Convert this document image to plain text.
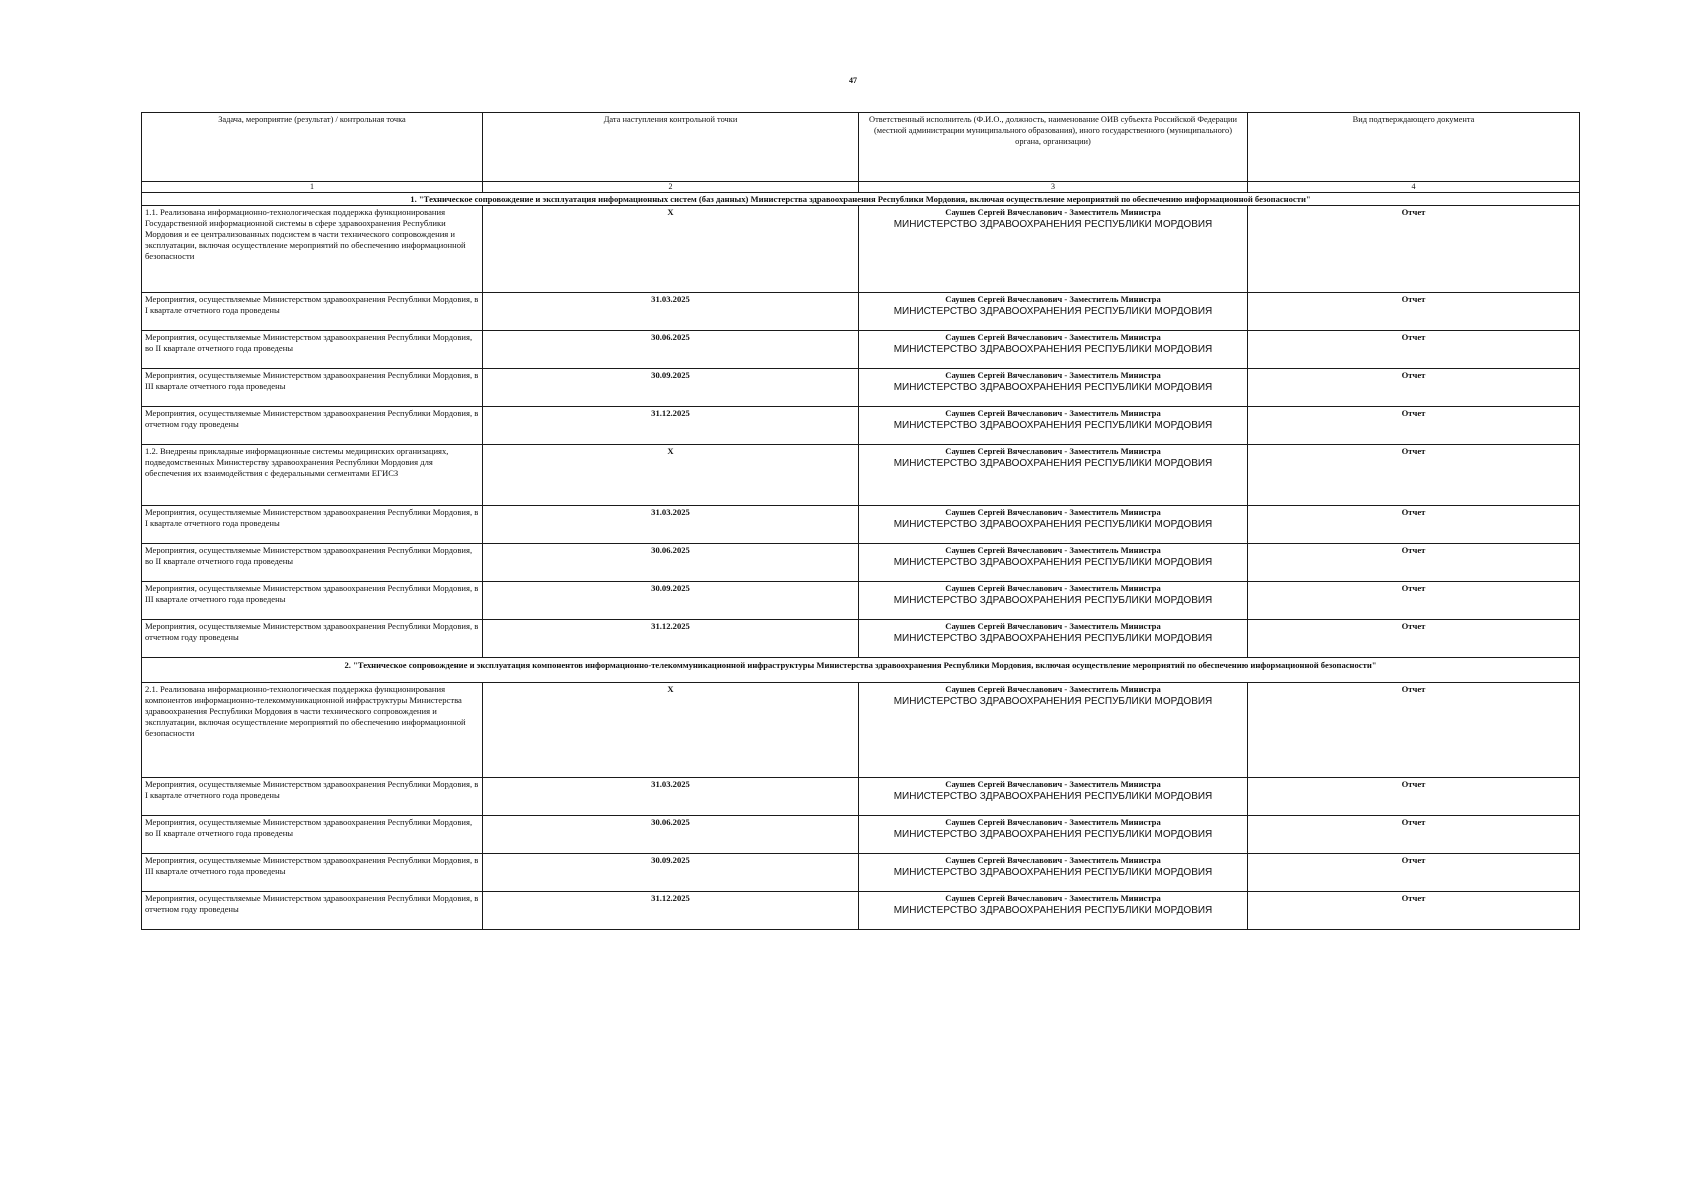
47
Задача, мероприятие (результат) / контрольная точка	Дата наступления контрольной точки	Ответственный исполнитель (Ф.И.О., должность, наименование ОИВ субъекта Российской Федерации (местной администрации муниципального образования), иного государственного (муниципального) органа, организации)	Вид подтверждающего документа
1	2	3	4
1. "Техническое сопровождение и эксплуатация информационных систем (баз данных) Министерства здравоохранения Республики Мордовия, включая осуществление мероприятий по обеспечению информационной безопасности"			
1.1. Реализована информационно-технологическая поддержка функционирования Государственной информационной системы в сфере здравоохранения Республики Мордовия и ее централизованных подсистем в части технического сопровождения и эксплуатации, включая осуществление мероприятий по обеспечению информационной безопасности	X	Саушев Сергей Вячеславович - Заместитель Министра
МИНИСТЕРСТВО ЗДРАВООХРАНЕНИЯ РЕСПУБЛИКИ МОРДОВИЯ	Отчет
Мероприятия, осуществляемые Министерством здравоохранения Республики Мордовия, в I квартале отчетного года проведены	31.03.2025	Саушев Сергей Вячеславович - Заместитель Министра
МИНИСТЕРСТВО ЗДРАВООХРАНЕНИЯ РЕСПУБЛИКИ МОРДОВИЯ	Отчет
Мероприятия, осуществляемые Министерством здравоохранения Республики Мордовия, во II квартале отчетного года проведены	30.06.2025	Саушев Сергей Вячеславович - Заместитель Министра
МИНИСТЕРСТВО ЗДРАВООХРАНЕНИЯ РЕСПУБЛИКИ МОРДОВИЯ	Отчет
Мероприятия, осуществляемые Министерством здравоохранения Республики Мордовия, в III квартале отчетного года проведены	30.09.2025	Саушев Сергей Вячеславович - Заместитель Министра
МИНИСТЕРСТВО ЗДРАВООХРАНЕНИЯ РЕСПУБЛИКИ МОРДОВИЯ	Отчет
Мероприятия, осуществляемые Министерством здравоохранения Республики Мордовия, в отчетном году проведены	31.12.2025	Саушев Сергей Вячеславович - Заместитель Министра
МИНИСТЕРСТВО ЗДРАВООХРАНЕНИЯ РЕСПУБЛИКИ МОРДОВИЯ	Отчет
1.2. Внедрены прикладные информационные системы медицинских организациях, подведомственных Министерству здравоохранения Республики Мордовия для обеспечения их взаимодействия с федеральными сегментами ЕГИСЗ	X	Саушев Сергей Вячеславович - Заместитель Министра
МИНИСТЕРСТВО ЗДРАВООХРАНЕНИЯ РЕСПУБЛИКИ МОРДОВИЯ	Отчет
Мероприятия, осуществляемые Министерством здравоохранения Республики Мордовия, в I квартале отчетного года проведены	31.03.2025	Саушев Сергей Вячеславович - Заместитель Министра
МИНИСТЕРСТВО ЗДРАВООХРАНЕНИЯ РЕСПУБЛИКИ МОРДОВИЯ	Отчет
Мероприятия, осуществляемые Министерством здравоохранения Республики Мордовия, во II квартале отчетного года проведены	30.06.2025	Саушев Сергей Вячеславович - Заместитель Министра
МИНИСТЕРСТВО ЗДРАВООХРАНЕНИЯ РЕСПУБЛИКИ МОРДОВИЯ	Отчет
Мероприятия, осуществляемые Министерством здравоохранения Республики Мордовия, в III квартале отчетного года проведены	30.09.2025	Саушев Сергей Вячеславович - Заместитель Министра
МИНИСТЕРСТВО ЗДРАВООХРАНЕНИЯ РЕСПУБЛИКИ МОРДОВИЯ	Отчет
Мероприятия, осуществляемые Министерством здравоохранения Республики Мордовия, в отчетном году проведены	31.12.2025	Саушев Сергей Вячеславович - Заместитель Министра
МИНИСТЕРСТВО ЗДРАВООХРАНЕНИЯ РЕСПУБЛИКИ МОРДОВИЯ	Отчет
2. "Техническое сопровождение и эксплуатация компонентов информационно-телекоммуникационной инфраструктуры Министерства здравоохранения Республики Мордовия, включая осуществление мероприятий по обеспечению информационной безопасности"			
2.1. Реализована информационно-технологическая поддержка функционирования компонентов информационно-телекоммуникационной инфраструктуры Министерства здравоохранения Республики Мордовия в части технического сопровождения и эксплуатации, включая осуществление мероприятий по обеспечению информационной безопасности	X	Саушев Сергей Вячеславович - Заместитель Министра
МИНИСТЕРСТВО ЗДРАВООХРАНЕНИЯ РЕСПУБЛИКИ МОРДОВИЯ	Отчет
Мероприятия, осуществляемые Министерством здравоохранения Республики Мордовия, в I квартале отчетного года проведены	31.03.2025	Саушев Сергей Вячеславович - Заместитель Министра
МИНИСТЕРСТВО ЗДРАВООХРАНЕНИЯ РЕСПУБЛИКИ МОРДОВИЯ	Отчет
Мероприятия, осуществляемые Министерством здравоохранения Республики Мордовия, во II квартале отчетного года проведены	30.06.2025	Саушев Сергей Вячеславович - Заместитель Министра
МИНИСТЕРСТВО ЗДРАВООХРАНЕНИЯ РЕСПУБЛИКИ МОРДОВИЯ	Отчет
Мероприятия, осуществляемые Министерством здравоохранения Республики Мордовия, в III квартале отчетного года проведены	30.09.2025	Саушев Сергей Вячеславович - Заместитель Министра
МИНИСТЕРСТВО ЗДРАВООХРАНЕНИЯ РЕСПУБЛИКИ МОРДОВИЯ	Отчет
Мероприятия, осуществляемые Министерством здравоохранения Республики Мордовия, в отчетном году проведены	31.12.2025	Саушев Сергей Вячеславович - Заместитель Министра
МИНИСТЕРСТВО ЗДРАВООХРАНЕНИЯ РЕСПУБЛИКИ МОРДОВИЯ	Отчет
